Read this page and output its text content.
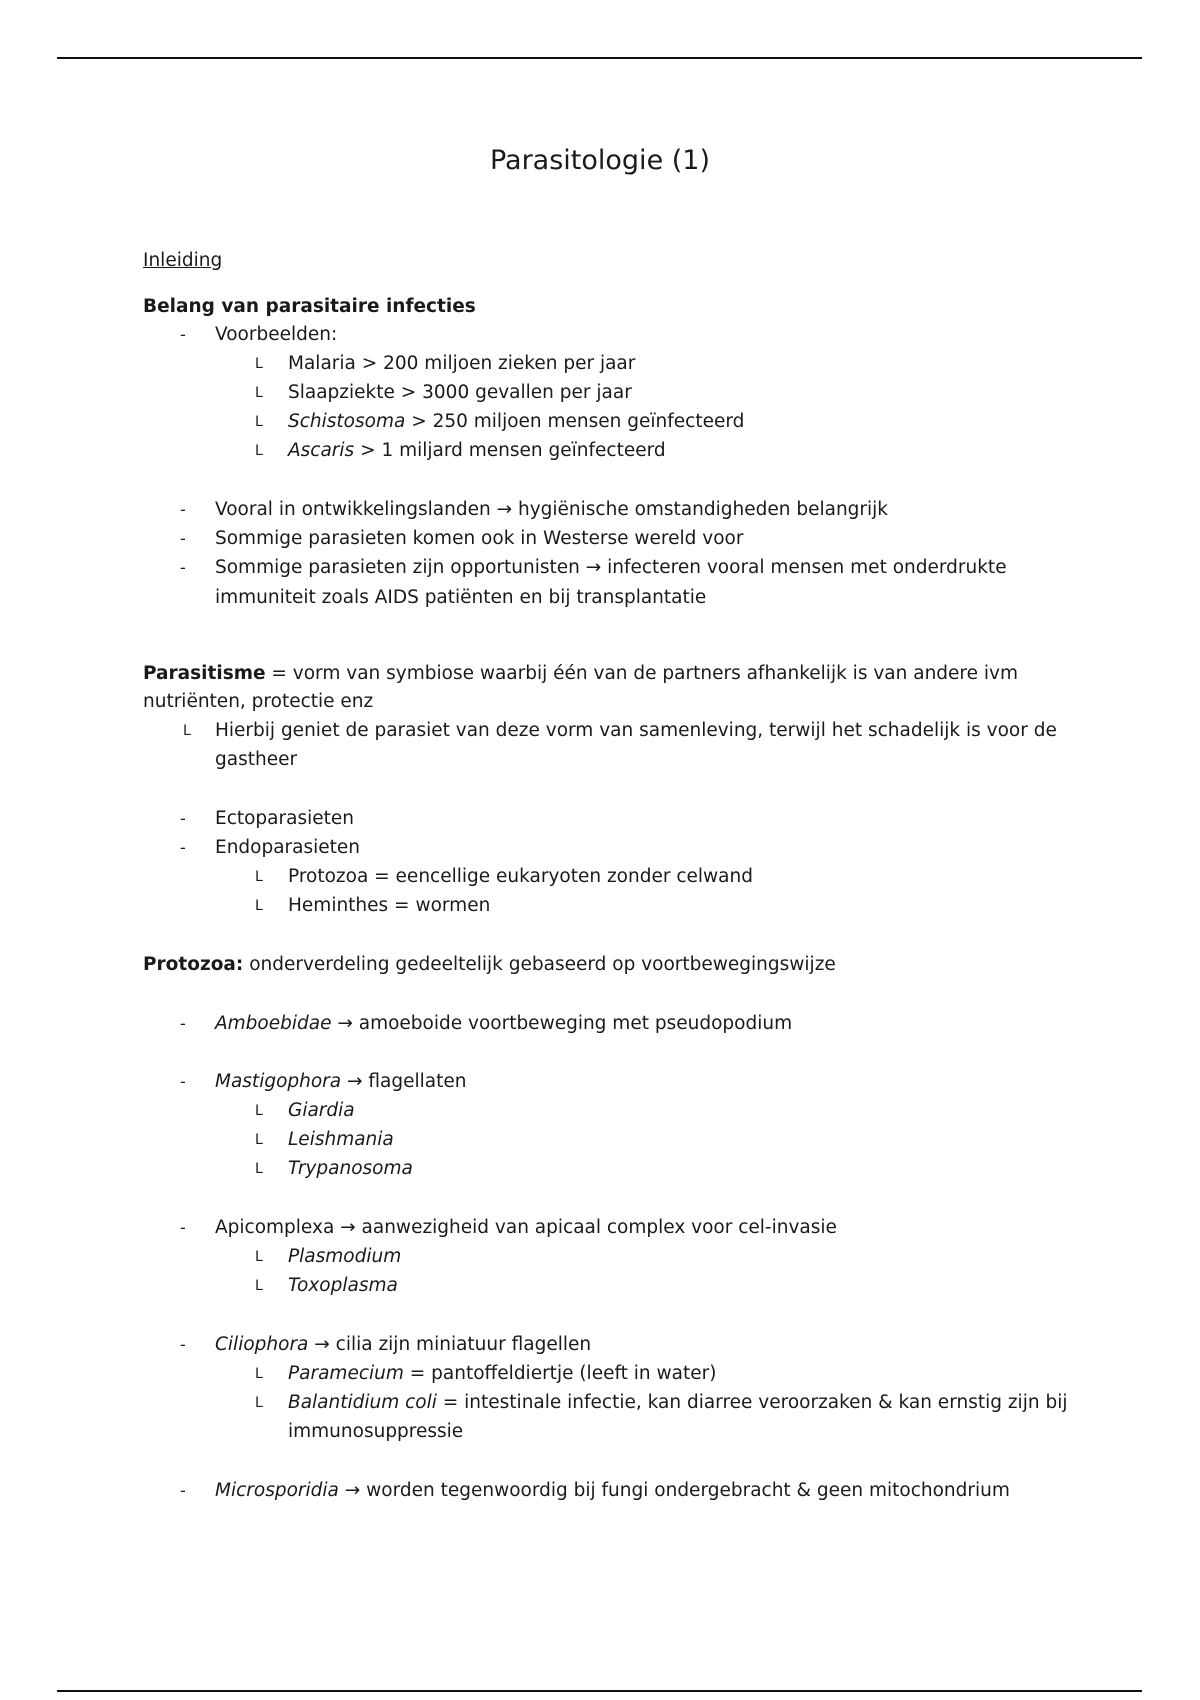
Parasitologie (1)
Inleiding
Belang van parasitaire infecties
- Voorbeelden:
L Malaria > 200 miljoen zieken per jaar
L Slaapziekte > 3000 gevallen per jaar
L Schistosoma > 250 miljoen mensen geïnfecteerd
L Ascaris > 1 miljard mensen geïnfecteerd
- Vooral in ontwikkelingslanden → hygiënische omstandigheden belangrijk
- Sommige parasieten komen ook in Westerse wereld voor
- Sommige parasieten zijn opportunisten → infecteren vooral mensen met onderdrukte
immuniteit zoals AIDS patiënten en bij transplantatie
Parasitisme = vorm van symbiose waarbij één van de partners afhankelijk is van andere ivm
nutriënten, protectie enz
L Hierbij geniet de parasiet van deze vorm van samenleving, terwijl het schadelijk is voor de
gastheer
- Ectoparasieten
- Endoparasieten
L Protozoa = eencellige eukaryoten zonder celwand
L Heminthes = wormen
Protozoa: onderverdeling gedeeltelijk gebaseerd op voortbewegingswijze
- Amboebidae → amoeboide voortbeweging met pseudopodium
- Mastigophora → flagellaten
L Giardia
L Leishmania
L Trypanosoma
- Apicomplexa → aanwezigheid van apicaal complex voor cel-invasie
L Plasmodium
L Toxoplasma
- Ciliophora → cilia zijn miniatuur flagellen
L Paramecium = pantoffeldiertje (leeft in water)
L Balantidium coli = intestinale infectie, kan diarree veroorzaken & kan ernstig zijn bij
immunosuppressie
- Microsporidia → worden tegenwoordig bij fungi ondergebracht & geen mitochondrium
